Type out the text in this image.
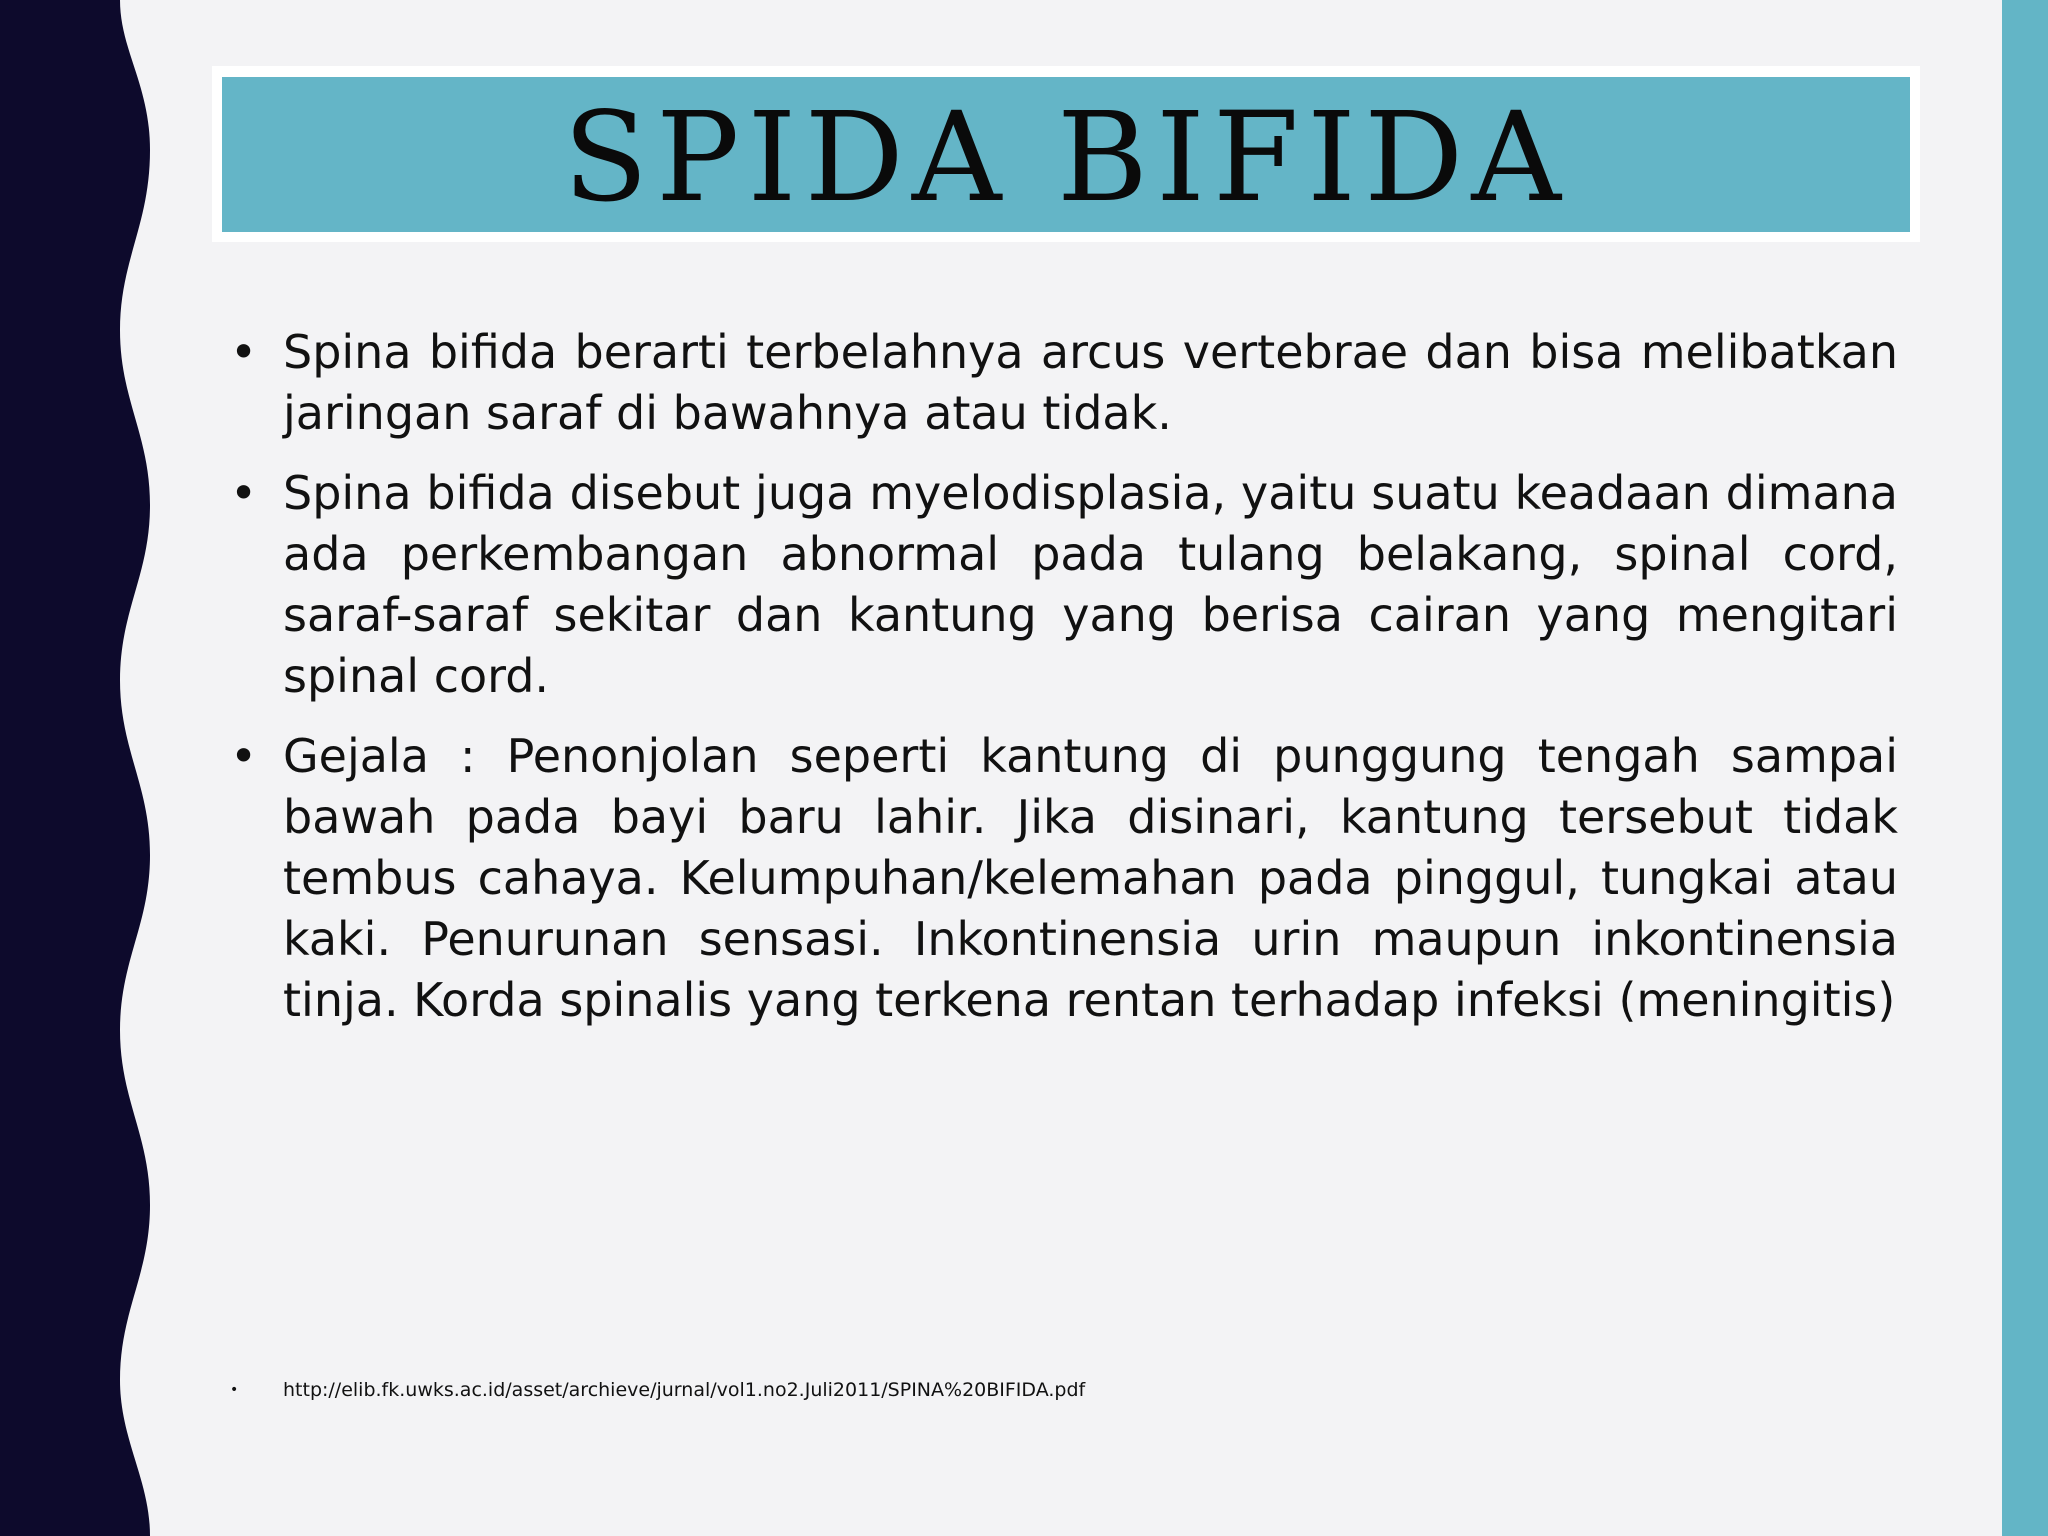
SPIDA BIFIDA
• Spina bifida berarti terbelahnya arcus vertebrae dan bisa melibatkan jaringan saraf di bawahnya atau tidak.
• Spina bifida disebut juga myelodisplasia, yaitu suatu keadaan dimana ada perkembangan abnormal pada tulang belakang, spinal cord, saraf-saraf sekitar dan kantung yang berisa cairan yang mengitari spinal cord.
• Gejala : Penonjolan seperti kantung di punggung tengah sampai bawah pada bayi baru lahir. Jika disinari, kantung tersebut tidak tembus cahaya. Kelumpuhan/kelemahan pada pinggul, tungkai atau kaki. Penurunan sensasi. Inkontinensia urin maupun inkontinensia tinja. Korda spinalis yang terkena rentan terhadap infeksi (meningitis)
• http://elib.fk.uwks.ac.id/asset/archieve/jurnal/vol1.no2.Juli2011/SPINA%20BIFIDA.pdf
